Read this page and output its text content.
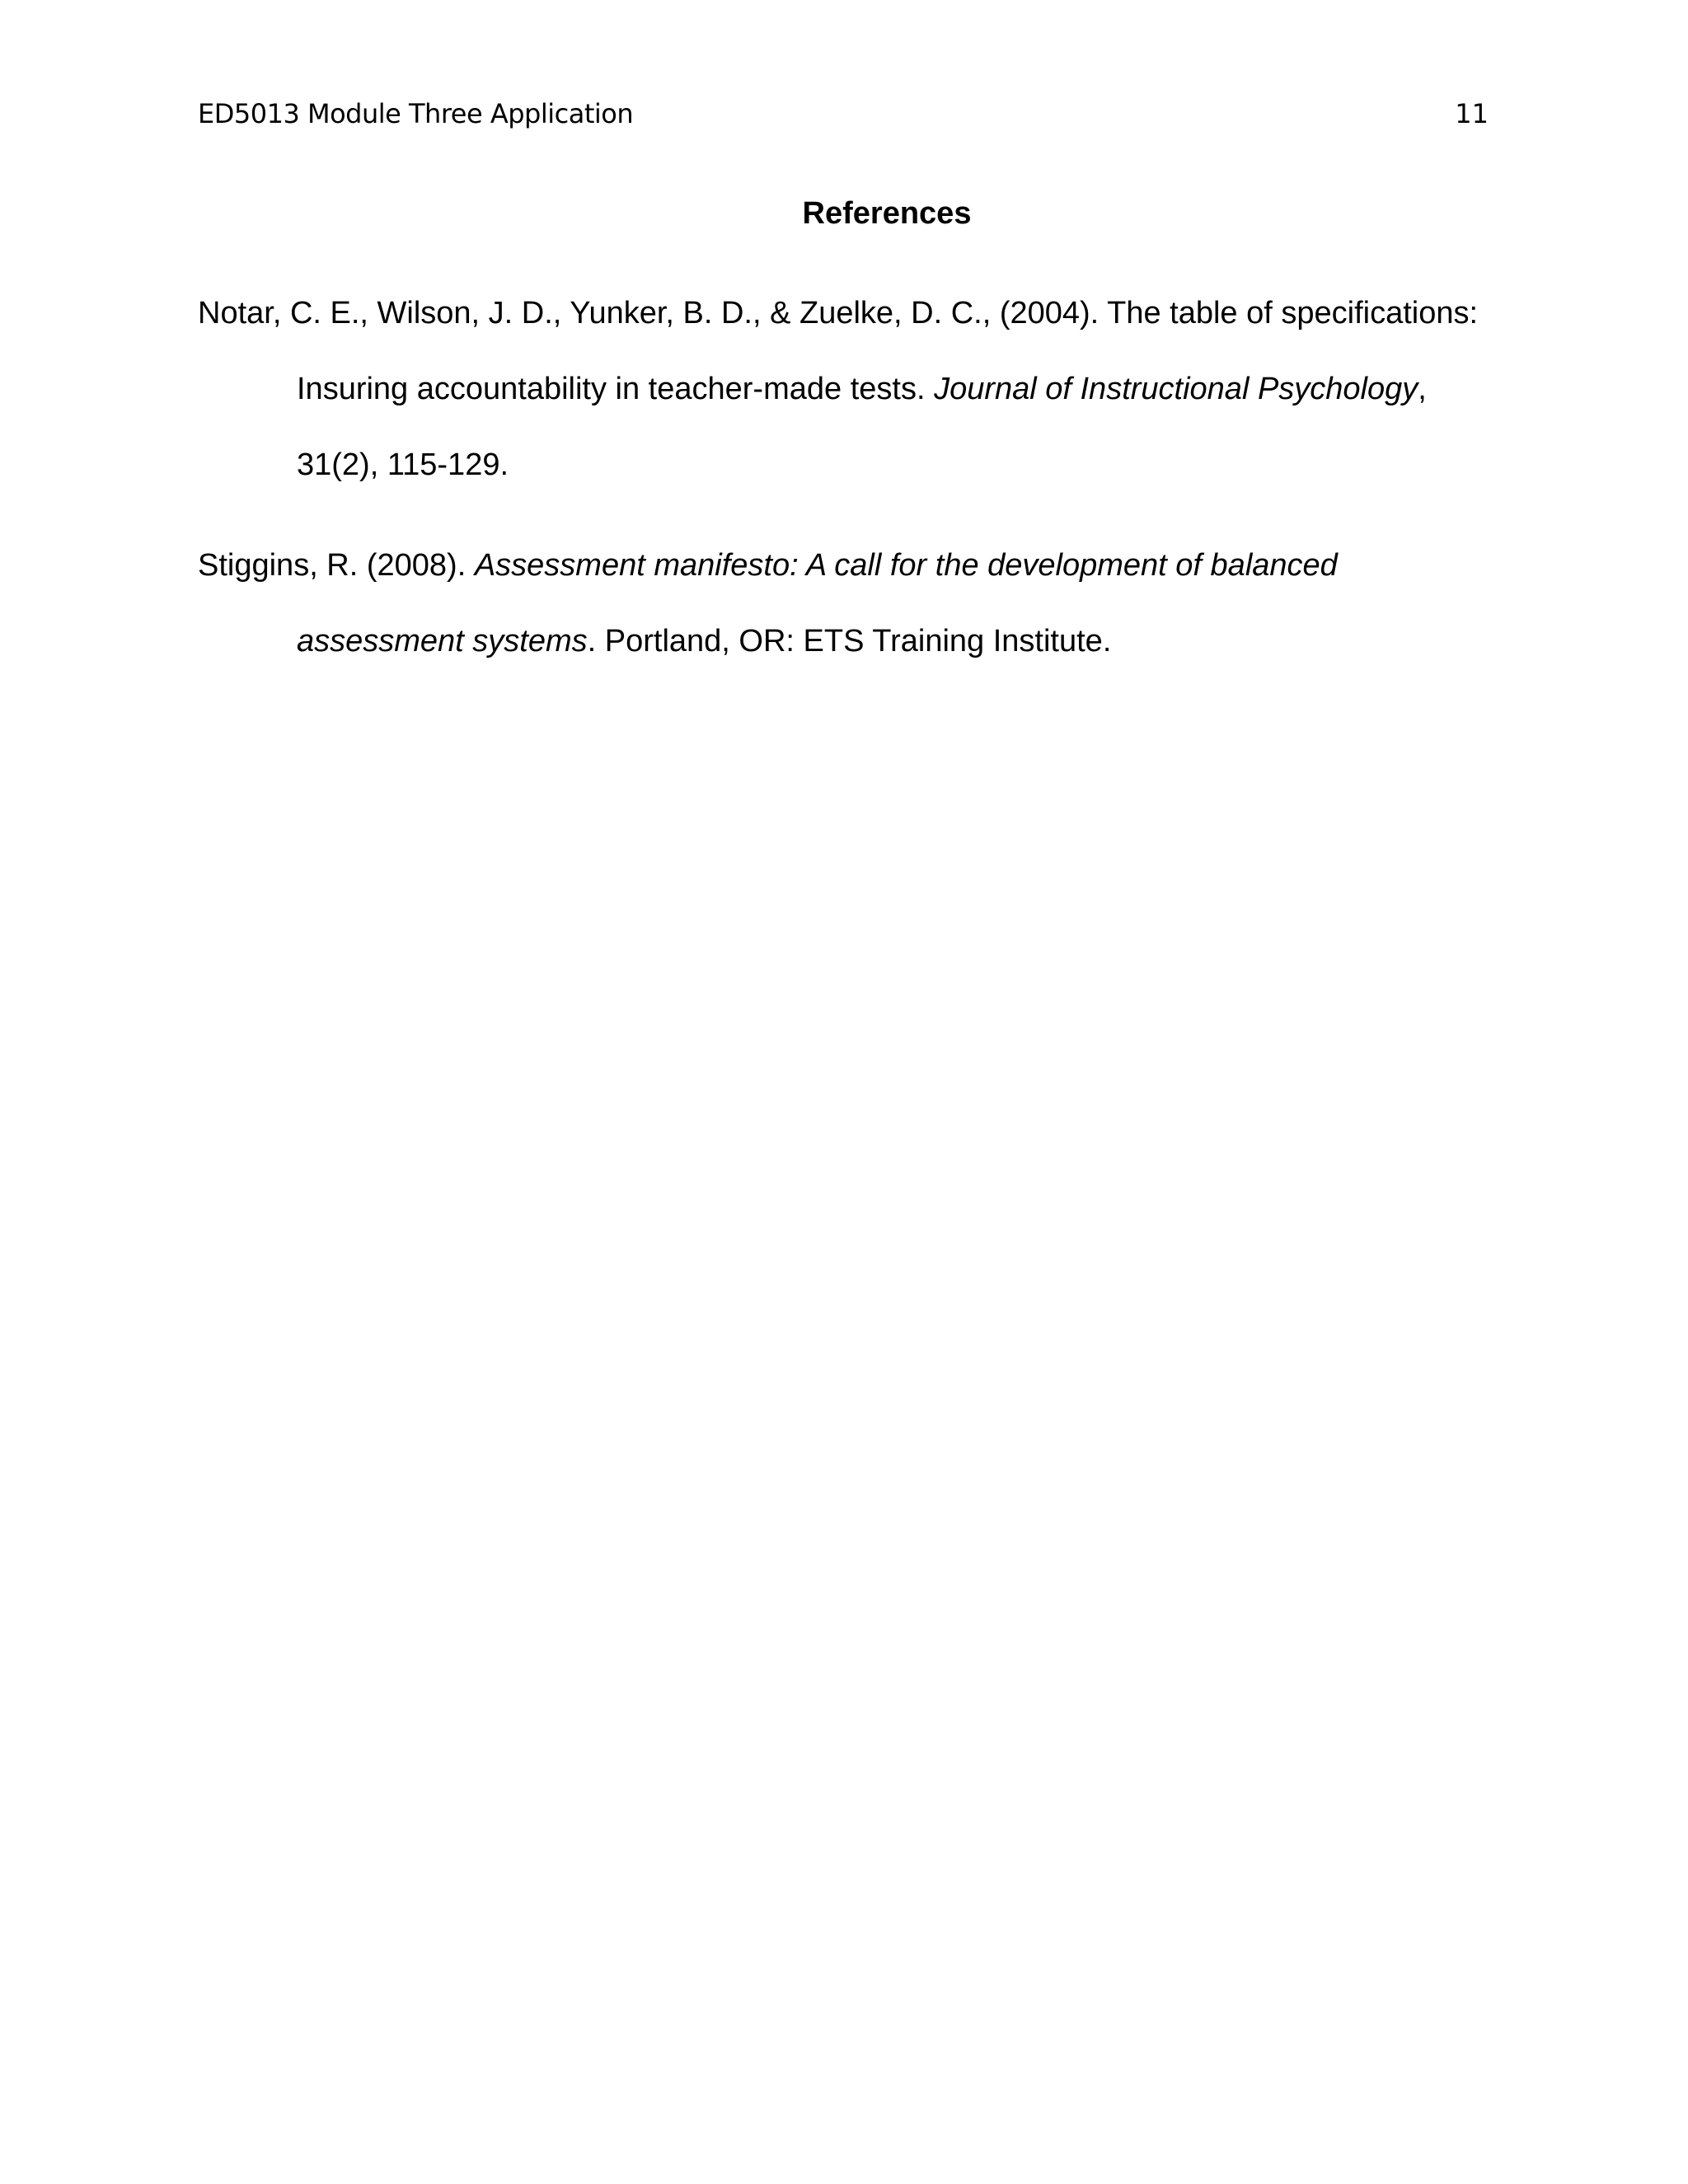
ED5013 Module Three Application	11
References

Notar, C. E., Wilson, J. D., Yunker, B. D., & Zuelke, D. C., (2004). The table of specifications: Insuring accountability in teacher-made tests. Journal of Instructional Psychology, 31(2), 115-129.

Stiggins, R. (2008). Assessment manifesto: A call for the development of balanced assessment systems. Portland, OR: ETS Training Institute.
